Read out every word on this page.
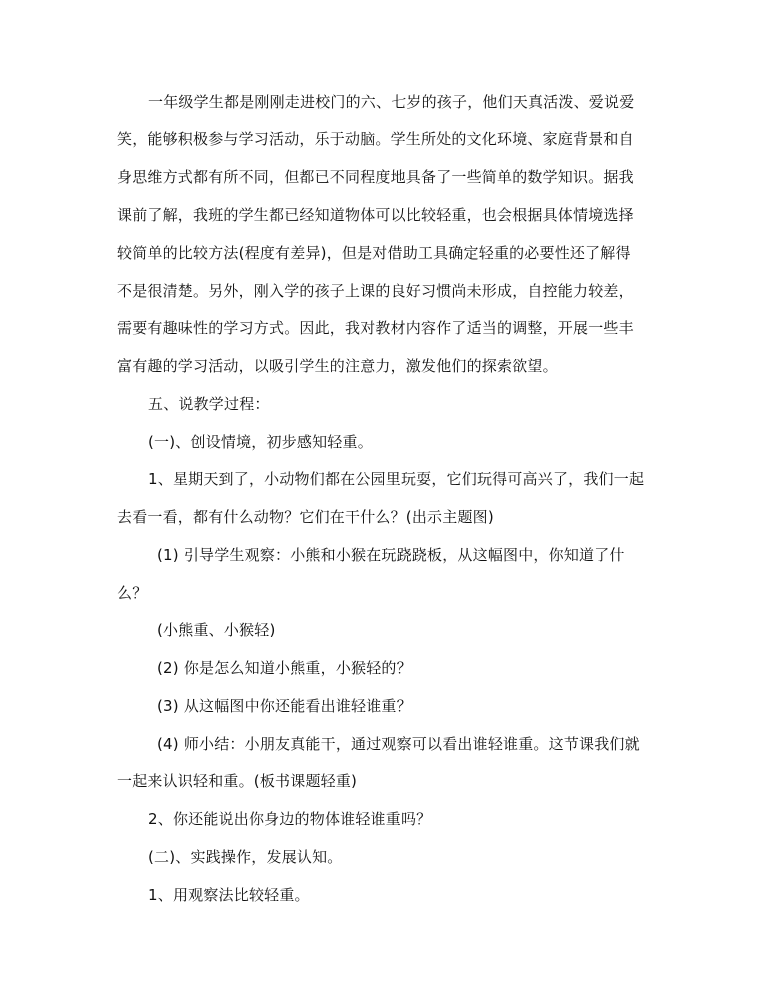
一年级学生都是刚刚走进校门的六、七岁的孩子，他们天真活泼、爱说爱
笑，能够积极参与学习活动，乐于动脑。学生所处的文化环境、家庭背景和自
身思维方式都有所不同，但都已不同程度地具备了一些简单的数学知识。据我
课前了解，我班的学生都已经知道物体可以比较轻重，也会根据具体情境选择
较简单的比较方法(程度有差异)，但是对借助工具确定轻重的必要性还了解得
不是很清楚。另外，刚入学的孩子上课的良好习惯尚未形成，自控能力较差，
需要有趣味性的学习方式。因此，我对教材内容作了适当的调整，开展一些丰
富有趣的学习活动，以吸引学生的注意力，激发他们的探索欲望。
五、说教学过程：
(一)、创设情境，初步感知轻重。
1、星期天到了，小动物们都在公园里玩耍，它们玩得可高兴了，我们一起
去看一看，都有什么动物？它们在干什么？(出示主题图)
(1) 引导学生观察：小熊和小猴在玩跷跷板，从这幅图中，你知道了什
么？
(小熊重、小猴轻)
(2) 你是怎么知道小熊重，小猴轻的？
(3) 从这幅图中你还能看出谁轻谁重？
(4) 师小结：小朋友真能干，通过观察可以看出谁轻谁重。这节课我们就
一起来认识轻和重。(板书课题轻重)
2、你还能说出你身边的物体谁轻谁重吗？
(二)、实践操作，发展认知。
1、用观察法比较轻重。
